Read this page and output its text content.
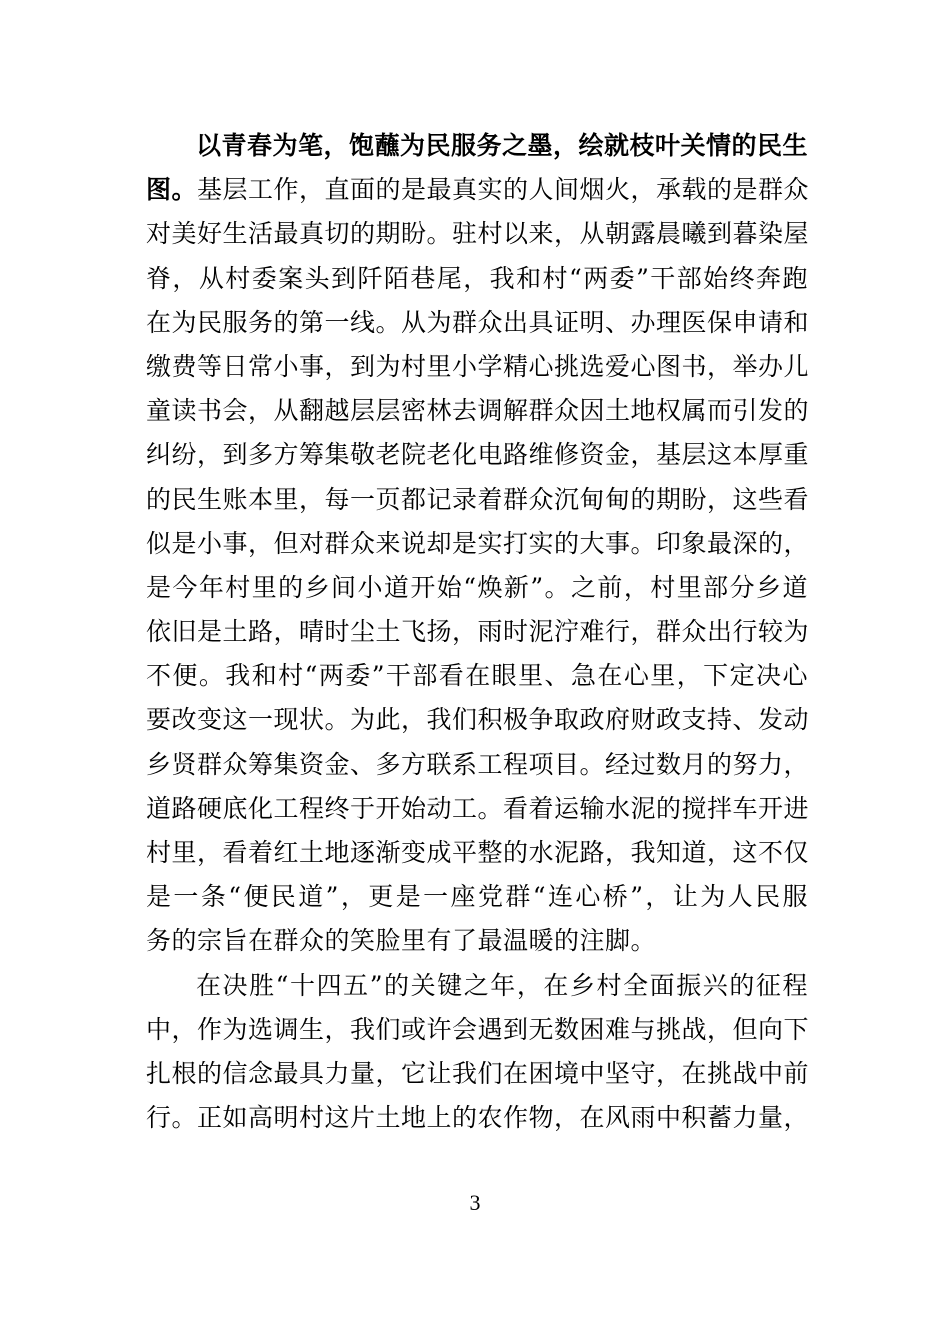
以青春为笔，饱蘸为民服务之墨，绘就枝叶关情的民生
图。基层工作，直面的是最真实的人间烟火，承载的是群众
对美好生活最真切的期盼。驻村以来，从朝露晨曦到暮染屋
脊，从村委案头到阡陌巷尾，我和村“两委”干部始终奔跑
在为民服务的第一线。从为群众出具证明、办理医保申请和
缴费等日常小事，到为村里小学精心挑选爱心图书，举办儿
童读书会，从翻越层层密林去调解群众因土地权属而引发的
纠纷，到多方筹集敬老院老化电路维修资金，基层这本厚重
的民生账本里，每一页都记录着群众沉甸甸的期盼，这些看
似是小事，但对群众来说却是实打实的大事。印象最深的，
是今年村里的乡间小道开始“焕新”。之前，村里部分乡道
依旧是土路，晴时尘土飞扬，雨时泥泞难行，群众出行较为
不便。我和村“两委”干部看在眼里、急在心里，下定决心
要改变这一现状。为此，我们积极争取政府财政支持、发动
乡贤群众筹集资金、多方联系工程项目。经过数月的努力，
道路硬底化工程终于开始动工。看着运输水泥的搅拌车开进
村里，看着红土地逐渐变成平整的水泥路，我知道，这不仅
是一条“便民道”，更是一座党群“连心桥”，让为人民服
务的宗旨在群众的笑脸里有了最温暖的注脚。
在决胜“十四五”的关键之年，在乡村全面振兴的征程
中，作为选调生，我们或许会遇到无数困难与挑战，但向下
扎根的信念最具力量，它让我们在困境中坚守，在挑战中前
行。正如高明村这片土地上的农作物，在风雨中积蓄力量，
3
